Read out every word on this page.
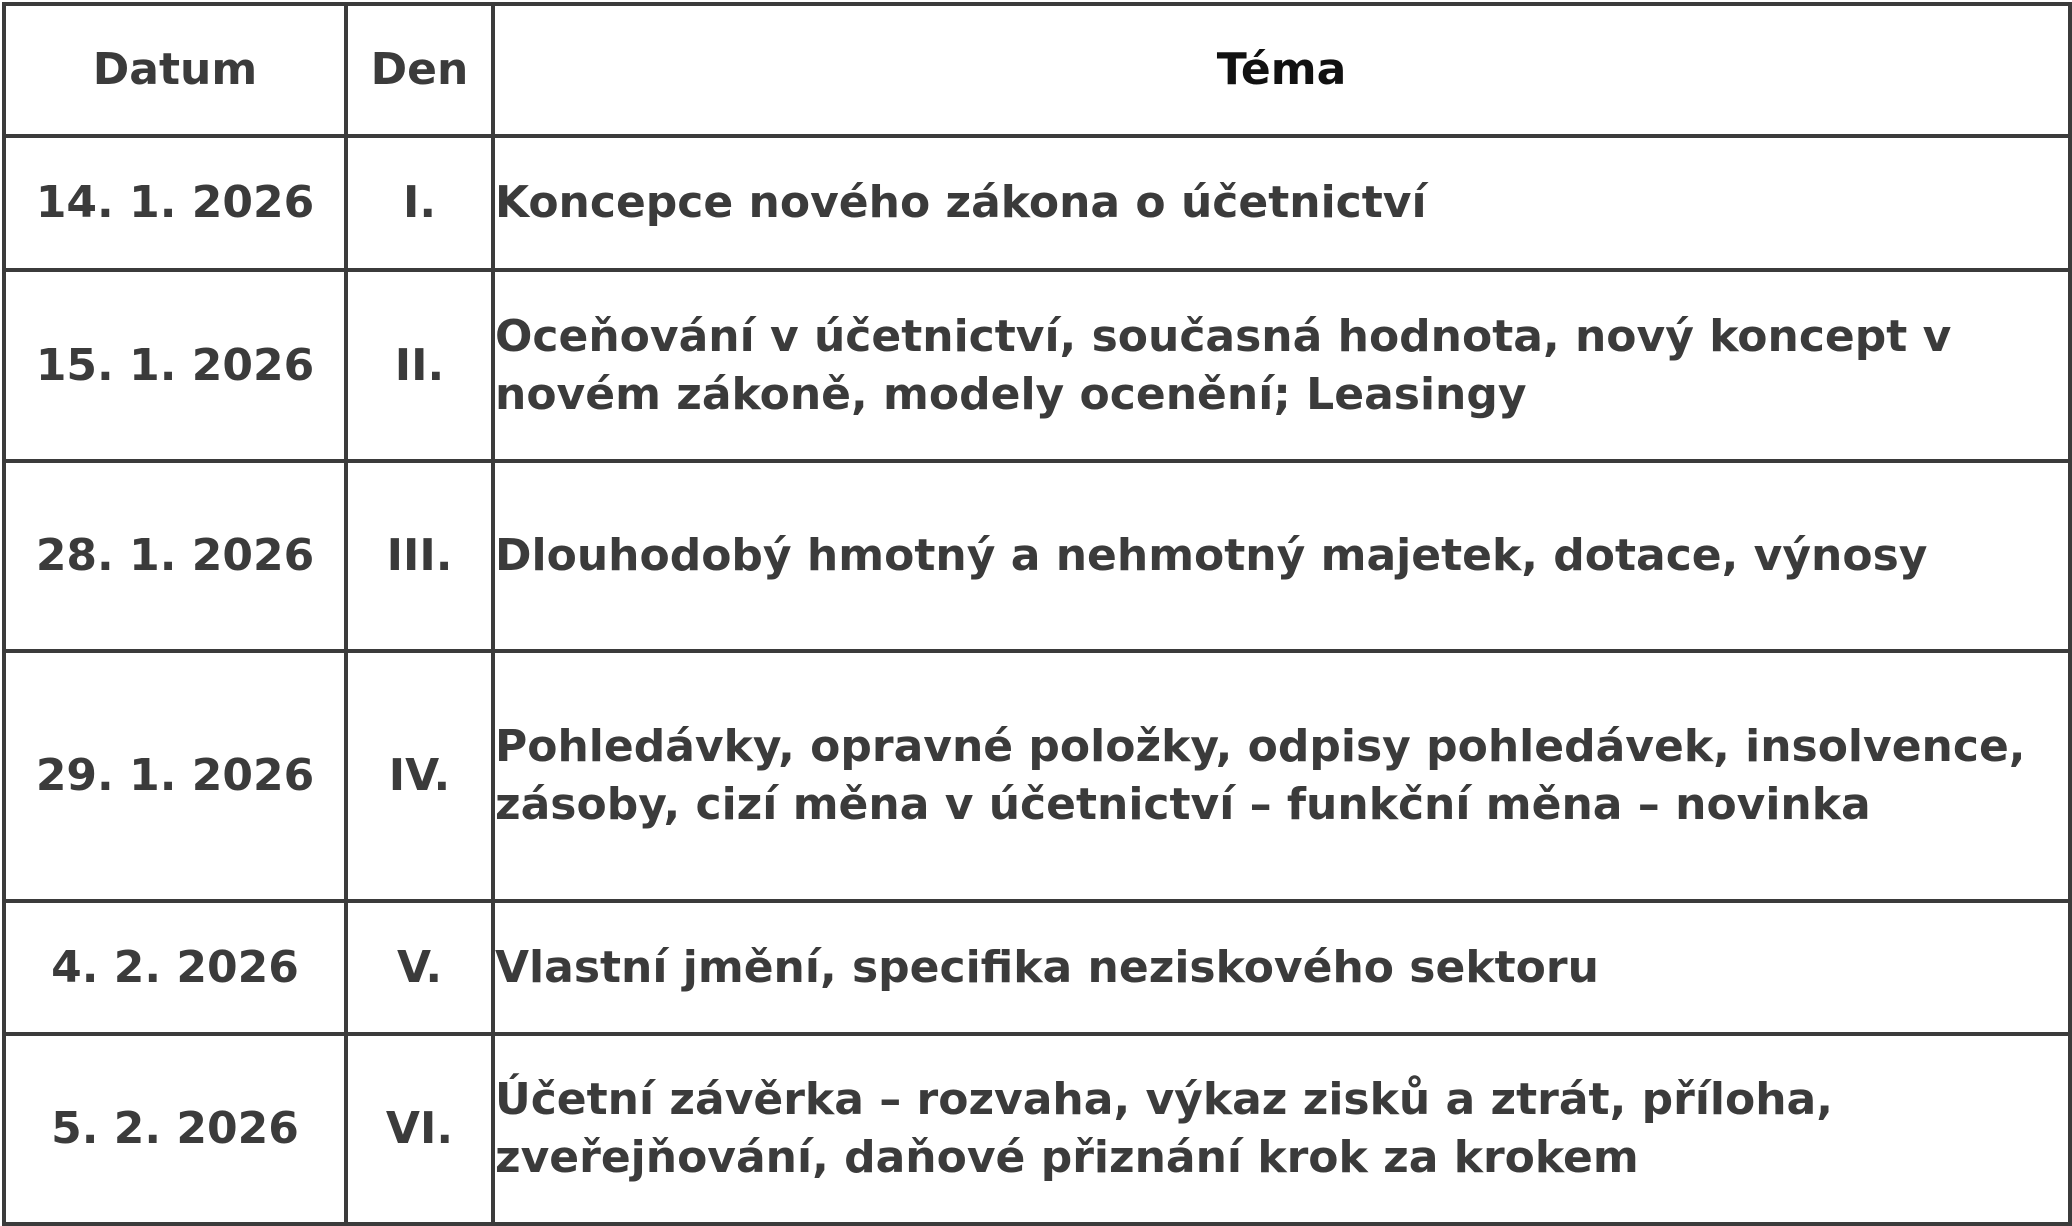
Datum	Den	Téma
14. 1. 2026	I.	Koncepce nového zákona o účetnictví
15. 1. 2026	II.	Oceňování v účetnictví, současná hodnota, nový koncept v novém zákoně, modely ocenění; Leasingy
28. 1. 2026	III.	Dlouhodobý hmotný a nehmotný majetek, dotace, výnosy
29. 1. 2026	IV.	Pohledávky, opravné položky, odpisy pohledávek, insolvence, zásoby, cizí měna v účetnictví – funkční měna – novinka
4. 2. 2026	V.	Vlastní jmění, specifika neziskového sektoru
5. 2. 2026	VI.	Účetní závěrka – rozvaha, výkaz zisků a ztrát, příloha, zveřejňování, daňové přiznání krok za krokem
